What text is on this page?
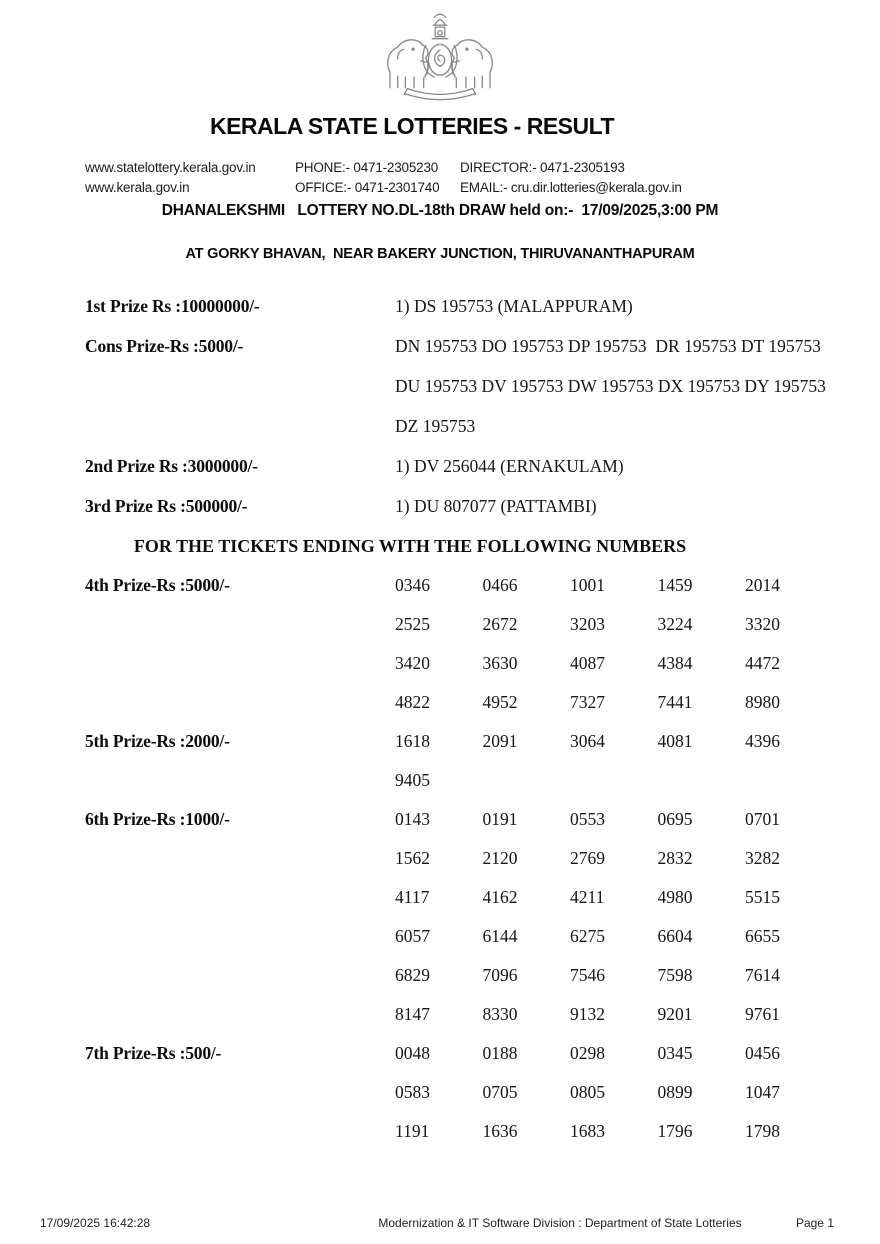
KERALA STATE LOTTERIES - RESULT
www.statelottery.kerala.gov.in	PHONE:- 0471-2305230	DIRECTOR:- 0471-2305193
www.kerala.gov.in	OFFICE:- 0471-2301740	EMAIL:- cru.dir.lotteries@kerala.gov.in
DHANALEKSHMI   LOTTERY NO.DL-18th DRAW held on:-  17/09/2025,3:00 PM
AT GORKY BHAVAN,  NEAR BAKERY JUNCTION, THIRUVANANTHAPURAM
1st Prize Rs :10000000/-	1) DS 195753 (MALAPPURAM)
Cons Prize-Rs :5000/-	DN 195753 DO 195753 DP 195753  DR 195753 DT 195753
DU 195753 DV 195753 DW 195753 DX 195753 DY 195753
DZ 195753
2nd Prize Rs :3000000/-	1) DV 256044 (ERNAKULAM)
3rd Prize Rs :500000/-	1) DU 807077 (PATTAMBI)
FOR THE TICKETS ENDING WITH THE FOLLOWING NUMBERS
4th Prize-Rs :5000/-	0346	0466	1001	1459	2014
2525	2672	3203	3224	3320
3420	3630	4087	4384	4472
4822	4952	7327	7441	8980
5th Prize-Rs :2000/-	1618	2091	3064	4081	4396
9405
6th Prize-Rs :1000/-	0143	0191	0553	0695	0701
1562	2120	2769	2832	3282
4117	4162	4211	4980	5515
6057	6144	6275	6604	6655
6829	7096	7546	7598	7614
8147	8330	9132	9201	9761
7th Prize-Rs :500/-	0048	0188	0298	0345	0456
0583	0705	0805	0899	1047
1191	1636	1683	1796	1798
17/09/2025 16:42:28	Modernization & IT Software Division : Department of State Lotteries	Page 1
